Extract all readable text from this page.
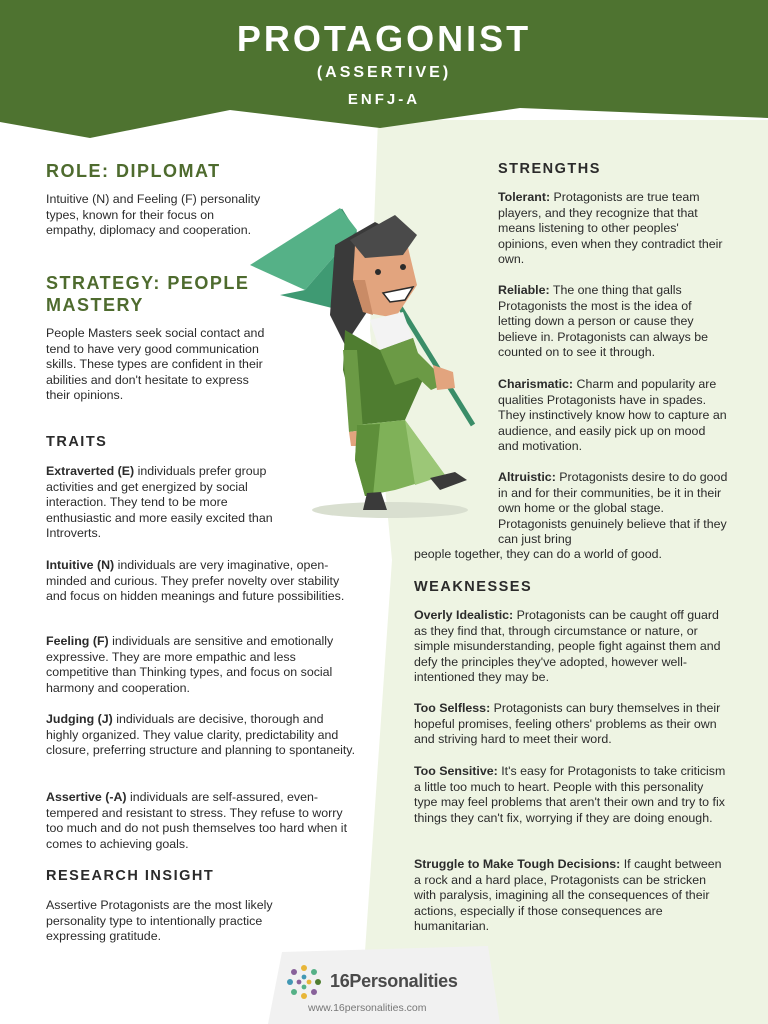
PROTAGONIST
(ASSERTIVE)
ENFJ-A
ROLE: DIPLOMAT

Intuitive (N) and Feeling (F) personality types, known for their focus on empathy, diplomacy and cooperation.

STRATEGY: PEOPLE
MASTERY

People Masters seek social contact and tend to have very good communication skills. These types are confident in their abilities and don't hesitate to express their opinions.

TRAITS

Extraverted (E) individuals prefer group activities and get energized by social interaction. They tend to be more enthusiastic and more easily excited than Introverts.

Intuitive (N) individuals are very imaginative, open-minded and curious. They prefer novelty over stability and focus on hidden meanings and future possibilities.

Feeling (F) individuals are sensitive and emotionally expressive. They are more empathic and less competitive than Thinking types, and focus on social harmony and cooperation.

Judging (J) individuals are decisive, thorough and highly organized. They value clarity, predictability and closure, preferring structure and planning to spontaneity.

Assertive (-A) individuals are self-assured, even-tempered and resistant to stress. They refuse to worry too much and do not push themselves too hard when it comes to achieving goals.

RESEARCH INSIGHT

Assertive Protagonists are the most likely personality type to intentionally practice expressing gratitude.

STRENGTHS

Tolerant: Protagonists are true team players, and they recognize that that means listening to other peoples' opinions, even when they contradict their own.

Reliable: The one thing that galls Protagonists the most is the idea of letting down a person or cause they believe in. Protagonists can always be counted on to see it through.

Charismatic: Charm and popularity are qualities Protagonists have in spades. They instinctively know how to capture an audience, and easily pick up on mood and motivation.

Altruistic: Protagonists desire to do good in and for their communities, be it in their own home or the global stage. Protagonists genuinely believe that if they can just bring

people together, they can do a world of good.

WEAKNESSES

Overly Idealistic: Protagonists can be caught off guard as they find that, through circumstance or nature, or simple misunderstanding, people fight against them and defy the principles they've adopted, however well-intentioned they may be.

Too Selfless: Protagonists can bury themselves in their hopeful promises, feeling others' problems as their own and striving hard to meet their word.

Too Sensitive: It's easy for Protagonists to take criticism a little too much to heart. People with this personality type may feel problems that aren't their own and try to fix things they can't fix, worrying if they are doing enough.

Struggle to Make Tough Decisions: If caught between a rock and a hard place, Protagonists can be stricken with paralysis, imagining all the consequences of their actions, especially if those consequences are humanitarian.

16Personalities
www.16personalities.com
